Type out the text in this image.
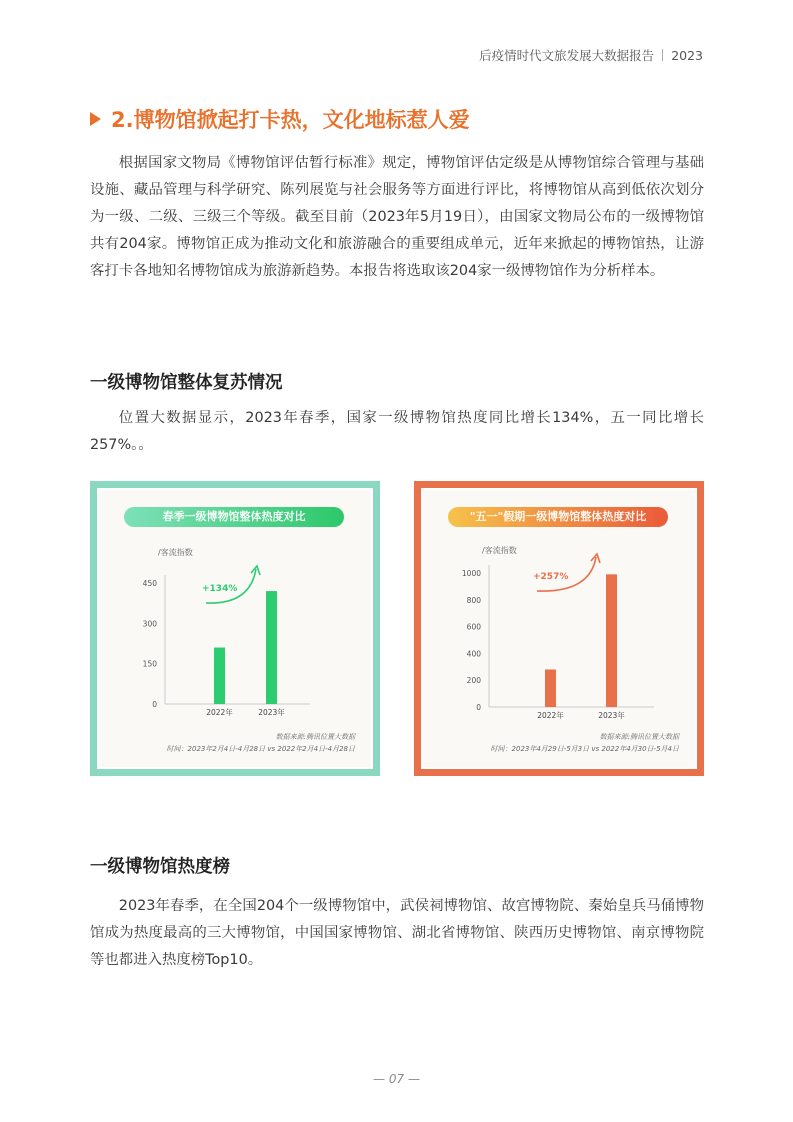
后疫情时代文旅发展大数据报告 2023
2.博物馆掀起打卡热，文化地标惹人爱

根据国家文物局《博物馆评估暂行标准》规定，博物馆评估定级是从博物馆综合管理与基础设施、藏品管理与科学研究、陈列展览与社会服务等方面进行评比，将博物馆从高到低依次划分为一级、二级、三级三个等级。截至目前（2023年5月19日），由国家文物局公布的一级博物馆共有204家。博物馆正成为推动文化和旅游融合的重要组成单元，近年来掀起的博物馆热，让游客打卡各地知名博物馆成为旅游新趋势。本报告将选取该204家一级博物馆作为分析样本。

一级博物馆整体复苏情况

位置大数据显示，2023年春季，国家一级博物馆热度同比增长134%，五一同比增长257%。。

春季一级博物馆整体热度对比
/客流指数
0
150
300
450
2022年	2023年
+134%
数据来源:腾讯位置大数据
时间：2023年2月4日-4月28日 vs 2022年2月4日-4月28日
"五一"假期一级博物馆整体热度对比
/客流指数
0
200
400
600
800
1000
2022年	2023年
+257%
数据来源:腾讯位置大数据
时间：2023年4月29日-5月3日 vs 2022年4月30日-5月4日
一级博物馆热度榜

2023年春季，在全国204个一级博物馆中，武侯祠博物馆、故宫博物院、秦始皇兵马俑博物馆成为热度最高的三大博物馆，中国国家博物馆、湖北省博物馆、陕西历史博物馆、南京博物院等也都进入热度榜Top10。

— 07 —
